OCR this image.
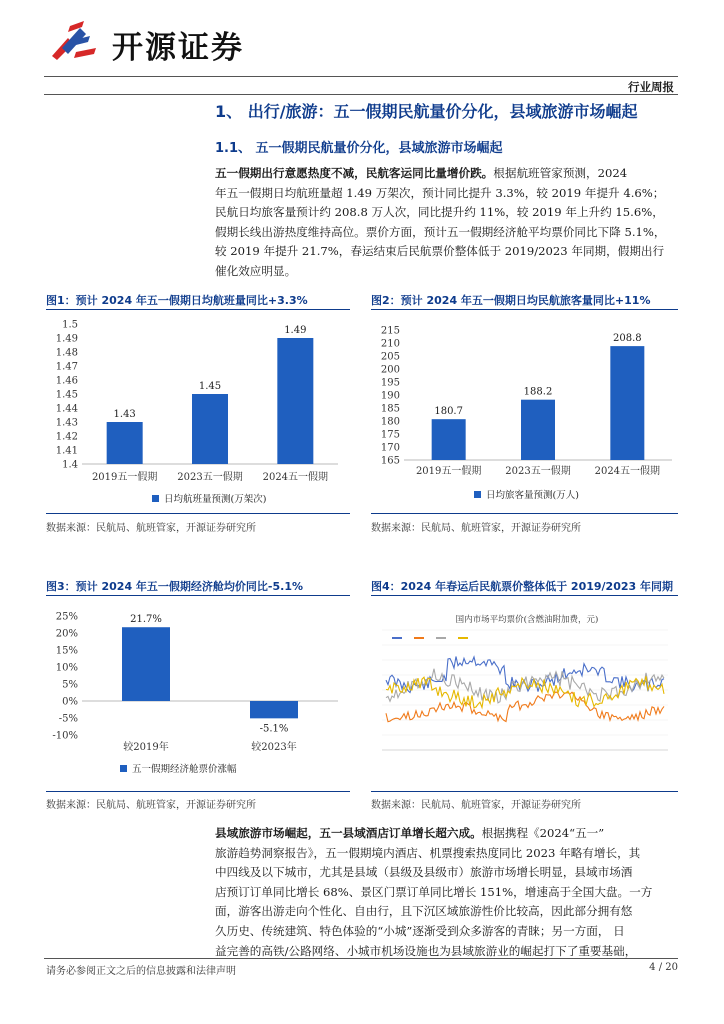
开源证券
行业周报
1、 出行/旅游：五一假期民航量价分化，县域旅游市场崛起
1.1、 五一假期民航量价分化，县域旅游市场崛起
五一假期出行意愿热度不减，民航客运同比量增价跌。根据航班管家预测，2024
年五一假期日均航班量超 1.49 万架次，预计同比提升 3.3%，较 2019 年提升 4.6%；
民航日均旅客量预计约 208.8 万人次，同比提升约 11%，较 2019 年上升约 15.6%，
假期长线出游热度维持高位。票价方面，预计五一假期经济舱平均票价同比下降 5.1%，
较 2019 年提升 21.7%，春运结束后民航票价整体低于 2019/2023 年同期，假期出行
催化效应明显。
图1：预计 2024 年五一假期日均航班量同比+3.3%	图2：预计 2024 年五一假期日均民航旅客量同比+11%
1.4
1.41
1.42
1.43
1.44
1.45
1.46
1.47
1.48
1.49
1.5
1.43
2019五一假期
1.45
2023五一假期
1.49
2024五一假期
日均航班量预测(万架次)
165
170
175
180
185
190
195
200
205
210
215
180.7
2019五一假期
188.2
2023五一假期
208.8
2024五一假期
日均旅客量预测(万人)
数据来源：民航局、航班管家，开源证券研究所	数据来源：民航局、航班管家，开源证券研究所
图3：预计 2024 年五一假期经济舱均价同比-5.1%	图4：2024 年春运后民航票价整体低于 2019/2023 年同期
-10%
-5%
0%
5%
10%
15%
20%
25%	21.7%
较2019年
-5.1%
较2023年
五一假期经济舱票价涨幅
国内市场平均票价(含燃油附加费，元)
数据来源：民航局、航班管家，开源证券研究所	数据来源：民航局、航班管家，开源证券研究所
县域旅游市场崛起，五一县域酒店订单增长超六成。根据携程《2024“五一”
旅游趋势洞察报告》，五一假期境内酒店、机票搜索热度同比 2023 年略有增长，其
中四线及以下城市，尤其是县域（县级及县级市）旅游市场增长明显，县域市场酒
店预订订单同比增长 68%、景区门票订单同比增长 151%，增速高于全国大盘。一方
面，游客出游走向个性化、自由行，且下沉区域旅游性价比较高，因此部分拥有悠
久历史、传统建筑、特色体验的“小城”逐渐受到众多游客的青睐；另一方面， 日
益完善的高铁/公路网络、小城市机场设施也为县域旅游业的崛起打下了重要基础，
请务必参阅正文之后的信息披露和法律声明	4 / 20
